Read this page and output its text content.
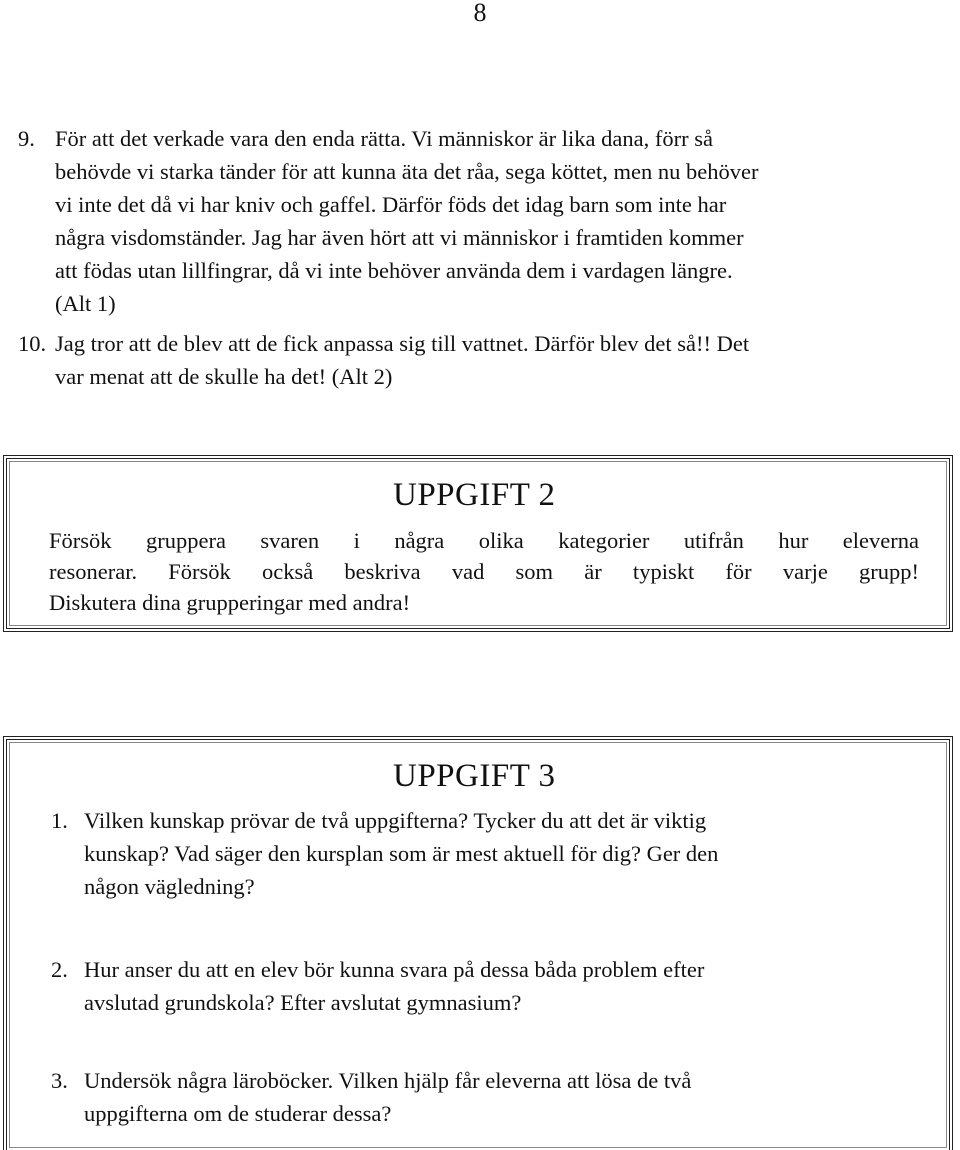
8
9. För att det verkade vara den enda rätta. Vi människor är lika dana, förr så
behövde vi starka tänder för att kunna äta det råa, sega köttet, men nu behöver
vi inte det då vi har kniv och gaffel. Därför föds det idag barn som inte har
några visdomständer. Jag har även hört att vi människor i framtiden kommer
att födas utan lillfingrar, då vi inte behöver använda dem i vardagen längre.
(Alt 1)
10. Jag tror att de blev att de fick anpassa sig till vattnet. Därför blev det så!! Det
var menat att de skulle ha det! (Alt 2)
UPPGIFT 2
Försök gruppera svaren i några olika kategorier utifrån hur eleverna
resonerar. Försök också beskriva vad som är typiskt för varje grupp!
Diskutera dina grupperingar med andra!
UPPGIFT 3
1. Vilken kunskap prövar de två uppgifterna? Tycker du att det är viktig
kunskap? Vad säger den kursplan som är mest aktuell för dig? Ger den
någon vägledning?
2. Hur anser du att en elev bör kunna svara på dessa båda problem efter
avslutad grundskola? Efter avslutat gymnasium?
3. Undersök några läroböcker. Vilken hjälp får eleverna att lösa de två
uppgifterna om de studerar dessa?
